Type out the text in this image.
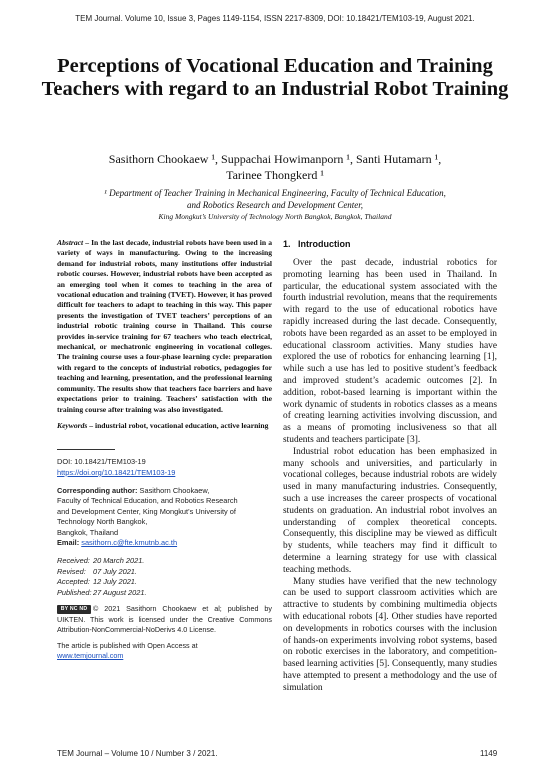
TEM Journal. Volume 10, Issue 3, Pages 1149-1154, ISSN 2217-8309, DOI: 10.18421/TEM103-19, August 2021.
Perceptions of Vocational Education and Training Teachers with regard to an Industrial Robot Training
Sasithorn Chookaew ¹, Suppachai Howimanporn ¹, Santi Hutamarn ¹,
Tarinee Thongkerd ¹
¹ Department of Teacher Training in Mechanical Engineering, Faculty of Technical Education,
and Robotics Research and Development Center,
King Mongkut’s University of Technology North Bangkok, Bangkok, Thailand

Abstract – In the last decade, industrial robots have been used in a variety of ways in manufacturing. Owing to the increasing demand for industrial robots, many institutions offer industrial robotic courses. However, industrial robots have been accepted as an emerging tool when it comes to teaching in the area of vocational education and training (TVET). However, it has proved difficult for teachers to adapt to teaching in this way. This paper presents the investigation of TVET teachers’ perceptions of an industrial robotic training course in Thailand. This course provides in-service training for 67 teachers who teach electrical, mechanical, or mechatronic engineering in vocational colleges. The training course uses a four-phase learning cycle: preparation with regard to the concepts of industrial robotics, pedagogies for teaching and learning, presentation, and the professional learning community. The results show that teachers face barriers and have expectations prior to training. Teachers’ satisfaction with the training course after training was also investigated.

Keywords – industrial robot, vocational education, active learning

DOI: 10.18421/TEM103-19
https://doi.org/10.18421/TEM103-19
Corresponding author: Sasithorn Chookaew,
Faculty of Technical Education, and Robotics Research
and Development Center, King Mongkut’s University of
Technology North Bangkok,
Bangkok, Thailand
Email: sasithorn.c@fte.kmutnb.ac.th
Received: 20 March 2021.
Revised: 07 July 2021.
Accepted: 12 July 2021.
Published:27 August 2021.
BY NC ND © 2021 Sasithorn Chookaew et al; published by UIKTEN. This work is licensed under the Creative Commons Attribution-NonCommercial-NoDerivs 4.0 License.
The article is published with Open Access at
www.temjournal.com
1. Introduction

Over the past decade, industrial robotics for promoting learning has been used in Thailand. In particular, the educational system associated with the fourth industrial revolution, means that the requirements with regard to the use of educational robotics have rapidly increased during the last decade. Consequently, robots have been regarded as an asset to be employed in educational classroom activities. Many studies have explored the use of robotics for enhancing learning [1], while such a use has led to positive student’s feedback and improved student’s academic outcomes [2]. In addition, robot-based learning is important within the work dynamic of students in robotics classes as a means of creating learning activities involving discussion, and as a means of promoting inclusiveness so that all students and teachers participate [3].

Industrial robot education has been emphasized in many schools and universities, and particularly in vocational colleges, because industrial robots are widely used in many manufacturing industries. Consequently, such a use increases the career prospects of vocational students on graduation. An industrial robot involves an understanding of complex theoretical concepts. Consequently, this discipline may be viewed as difficult by students, while teachers may find it difficult to determine a learning strategy for use with classical teaching methods.

Many studies have verified that the new technology can be used to support classroom activities which are attractive to students by combining multimedia objects with educational robots [4]. Other studies have reported on developments in robotics courses with the inclusion of hands-on experiments involving robot systems, based on robotic exercises in the laboratory, and competition-based learning activities [5]. Consequently, many studies have attempted to present a methodology and the use of simulation

TEM Journal – Volume 10 / Number 3 / 2021.	1149
